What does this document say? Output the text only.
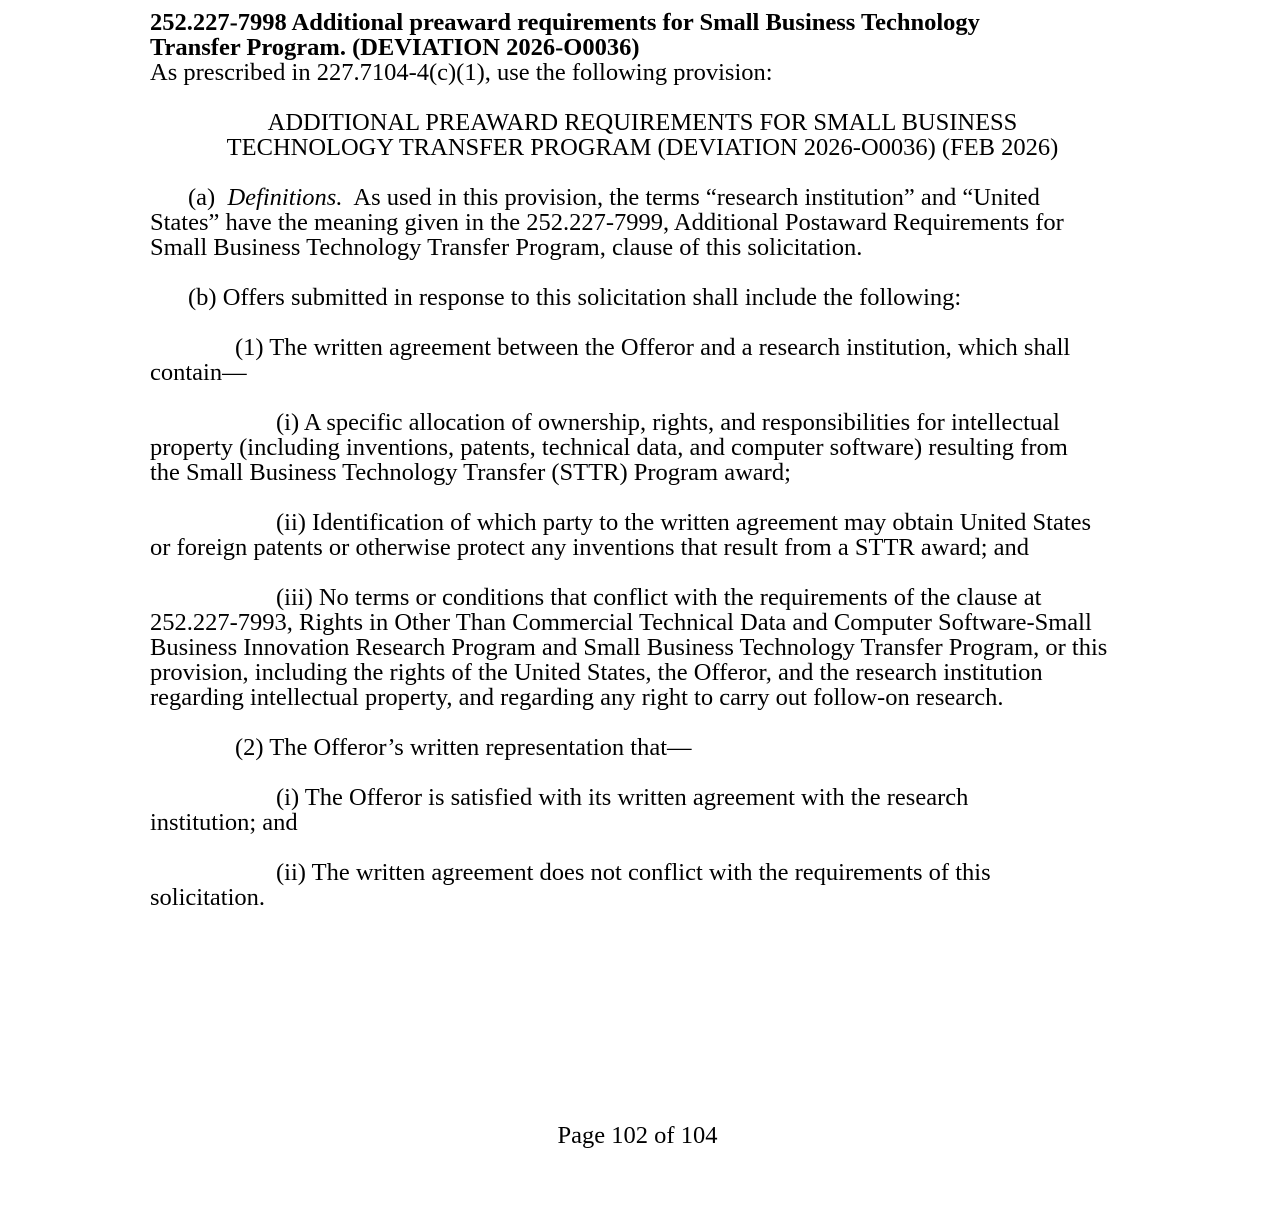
252.227-7998 Additional preaward requirements for Small Business Technology Transfer Program. (DEVIATION 2026-O0036)

As prescribed in 227.7104-4(c)(1), use the following provision:

ADDITIONAL PREAWARD REQUIREMENTS FOR SMALL BUSINESS

TECHNOLOGY TRANSFER PROGRAM (DEVIATION 2026-O0036) (FEB 2026)

(a) Definitions. As used in this provision, the terms “research institution” and “United States” have the meaning given in the 252.227-7999, Additional Postaward Requirements for Small Business Technology Transfer Program, clause of this solicitation.

(b) Offers submitted in response to this solicitation shall include the following:

(1) The written agreement between the Offeror and a research institution, which shall contain—

(i) A specific allocation of ownership, rights, and responsibilities for intellectual property (including inventions, patents, technical data, and computer software) resulting from the Small Business Technology Transfer (STTR) Program award;

(ii) Identification of which party to the written agreement may obtain United States or foreign patents or otherwise protect any inventions that result from a STTR award; and

(iii) No terms or conditions that conflict with the requirements of the clause at 252.227-7993, Rights in Other Than Commercial Technical Data and Computer Software-Small Business Innovation Research Program and Small Business Technology Transfer Program, or this provision, including the rights of the United States, the Offeror, and the research institution regarding intellectual property, and regarding any right to carry out follow-on research.

(2) The Offeror’s written representation that—

(i) The Offeror is satisfied with its written agreement with the research institution; and

(ii) The written agreement does not conflict with the requirements of this solicitation.

Page 102 of 104
